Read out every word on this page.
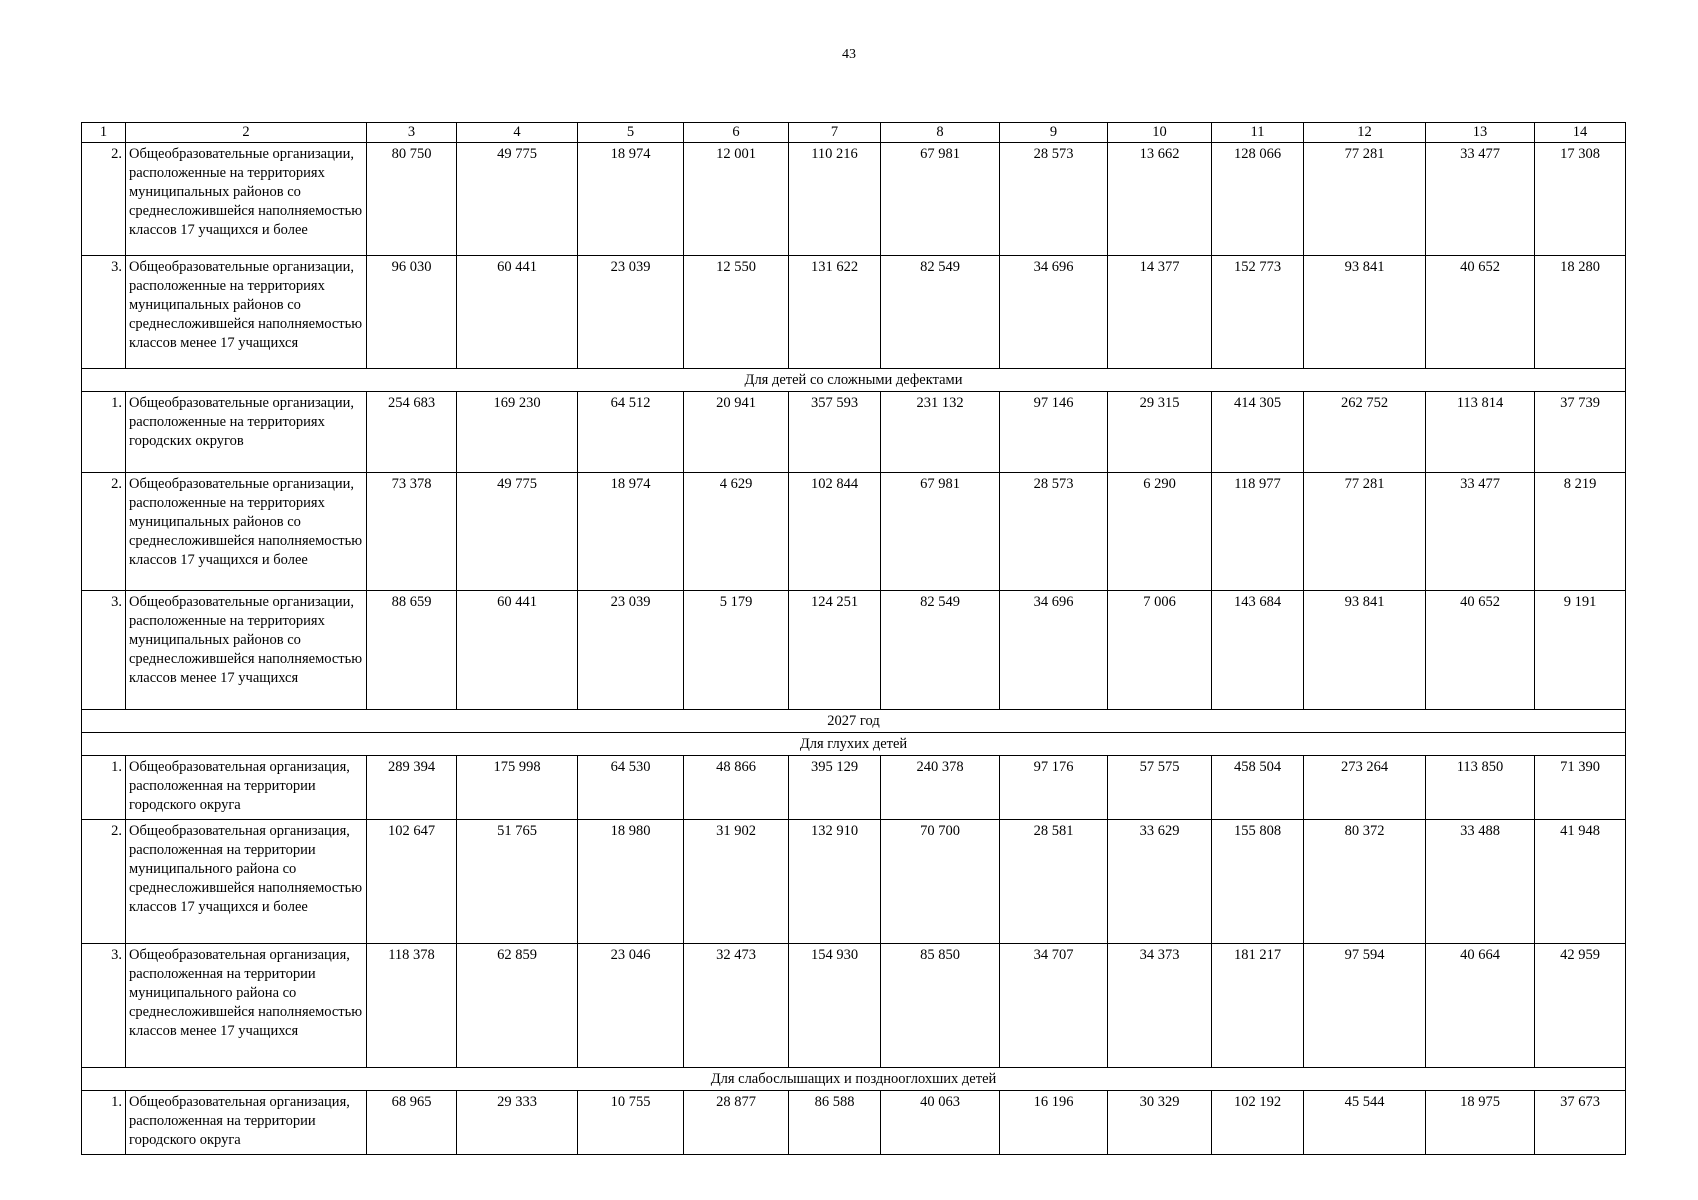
43
1	2	3	4	5	6	7	8	9	10	11	12	13	14
2.	Общеобразовательные организации, расположенные на территориях муниципальных районов со среднесложившейся наполняемостью классов 17 учащихся и более	80 750	49 775	18 974	12 001	110 216	67 981	28 573	13 662	128 066	77 281	33 477	17 308
3.	Общеобразовательные организации, расположенные на территориях муниципальных районов со среднесложившейся наполняемостью классов менее 17 учащихся	96 030	60 441	23 039	12 550	131 622	82 549	34 696	14 377	152 773	93 841	40 652	18 280
Для детей со сложными дефектами													
1.	Общеобразовательные организации, расположенные на территориях городских округов	254 683	169 230	64 512	20 941	357 593	231 132	97 146	29 315	414 305	262 752	113 814	37 739
2.	Общеобразовательные организации, расположенные на территориях муниципальных районов со среднесложившейся наполняемостью классов 17 учащихся и более	73 378	49 775	18 974	4 629	102 844	67 981	28 573	6 290	118 977	77 281	33 477	8 219
3.	Общеобразовательные организации, расположенные на территориях муниципальных районов со среднесложившейся наполняемостью классов менее 17 учащихся	88 659	60 441	23 039	5 179	124 251	82 549	34 696	7 006	143 684	93 841	40 652	9 191
2027 год													
Для глухих детей													
1.	Общеобразовательная организация, расположенная на территории городского округа	289 394	175 998	64 530	48 866	395 129	240 378	97 176	57 575	458 504	273 264	113 850	71 390
2.	Общеобразовательная организация, расположенная на территории муниципального района со среднесложившейся наполняемостью классов 17 учащихся и более	102 647	51 765	18 980	31 902	132 910	70 700	28 581	33 629	155 808	80 372	33 488	41 948
3.	Общеобразовательная организация, расположенная на территории муниципального района со среднесложившейся наполняемостью классов менее 17 учащихся	118 378	62 859	23 046	32 473	154 930	85 850	34 707	34 373	181 217	97 594	40 664	42 959
Для слабослышащих и позднооглохших детей													
1.	Общеобразовательная организация, расположенная на территории городского округа	68 965	29 333	10 755	28 877	86 588	40 063	16 196	30 329	102 192	45 544	18 975	37 673
